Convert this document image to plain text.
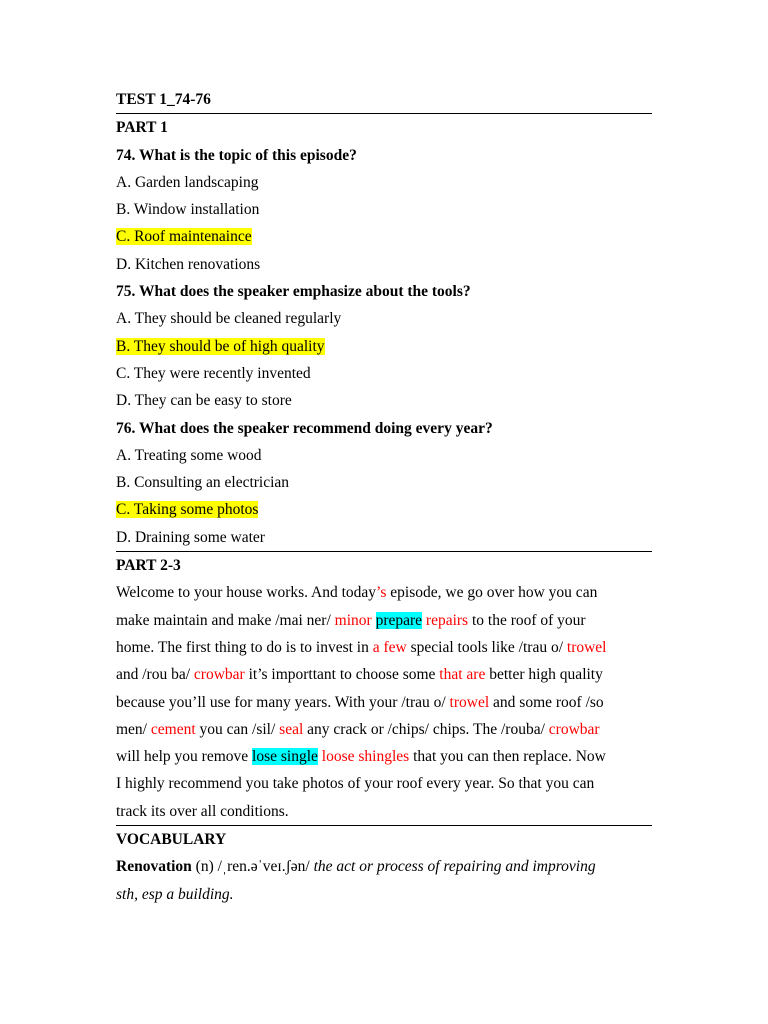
TEST 1_74-76
PART 1
74. What is the topic of this episode?
A. Garden landscaping
B. Window installation
C. Roof maintenaince
D. Kitchen renovations
75. What does the speaker emphasize about the tools?
A. They should be cleaned regularly
B. They should be of high quality
C. They were recently invented
D. They can be easy to store
76. What does the speaker recommend doing every year?
A. Treating some wood
B. Consulting an electrician
C. Taking some photos
D. Draining some water
PART 2-3
Welcome to your house works. And today’s episode, we go over how you can
make maintain and make /mai ner/ minor prepare repairs to the roof of your
home. The first thing to do is to invest in a few special tools like /trau o/ trowel
and /rou ba/ crowbar it’s importtant to choose some that are better high quality
because you’ll use for many years. With your /trau o/ trowel and some roof /so
men/ cement you can /sil/ seal any crack or /chips/ chips. The /rouba/ crowbar
will help you remove lose single loose shingles that you can then replace. Now
I highly recommend you take photos of your roof every year. So that you can
track its over all conditions.
VOCABULARY
Renovation (n) /ˌren.əˈveɪ.ʃən/ the act or process of repairing and improving
sth, esp a building.
